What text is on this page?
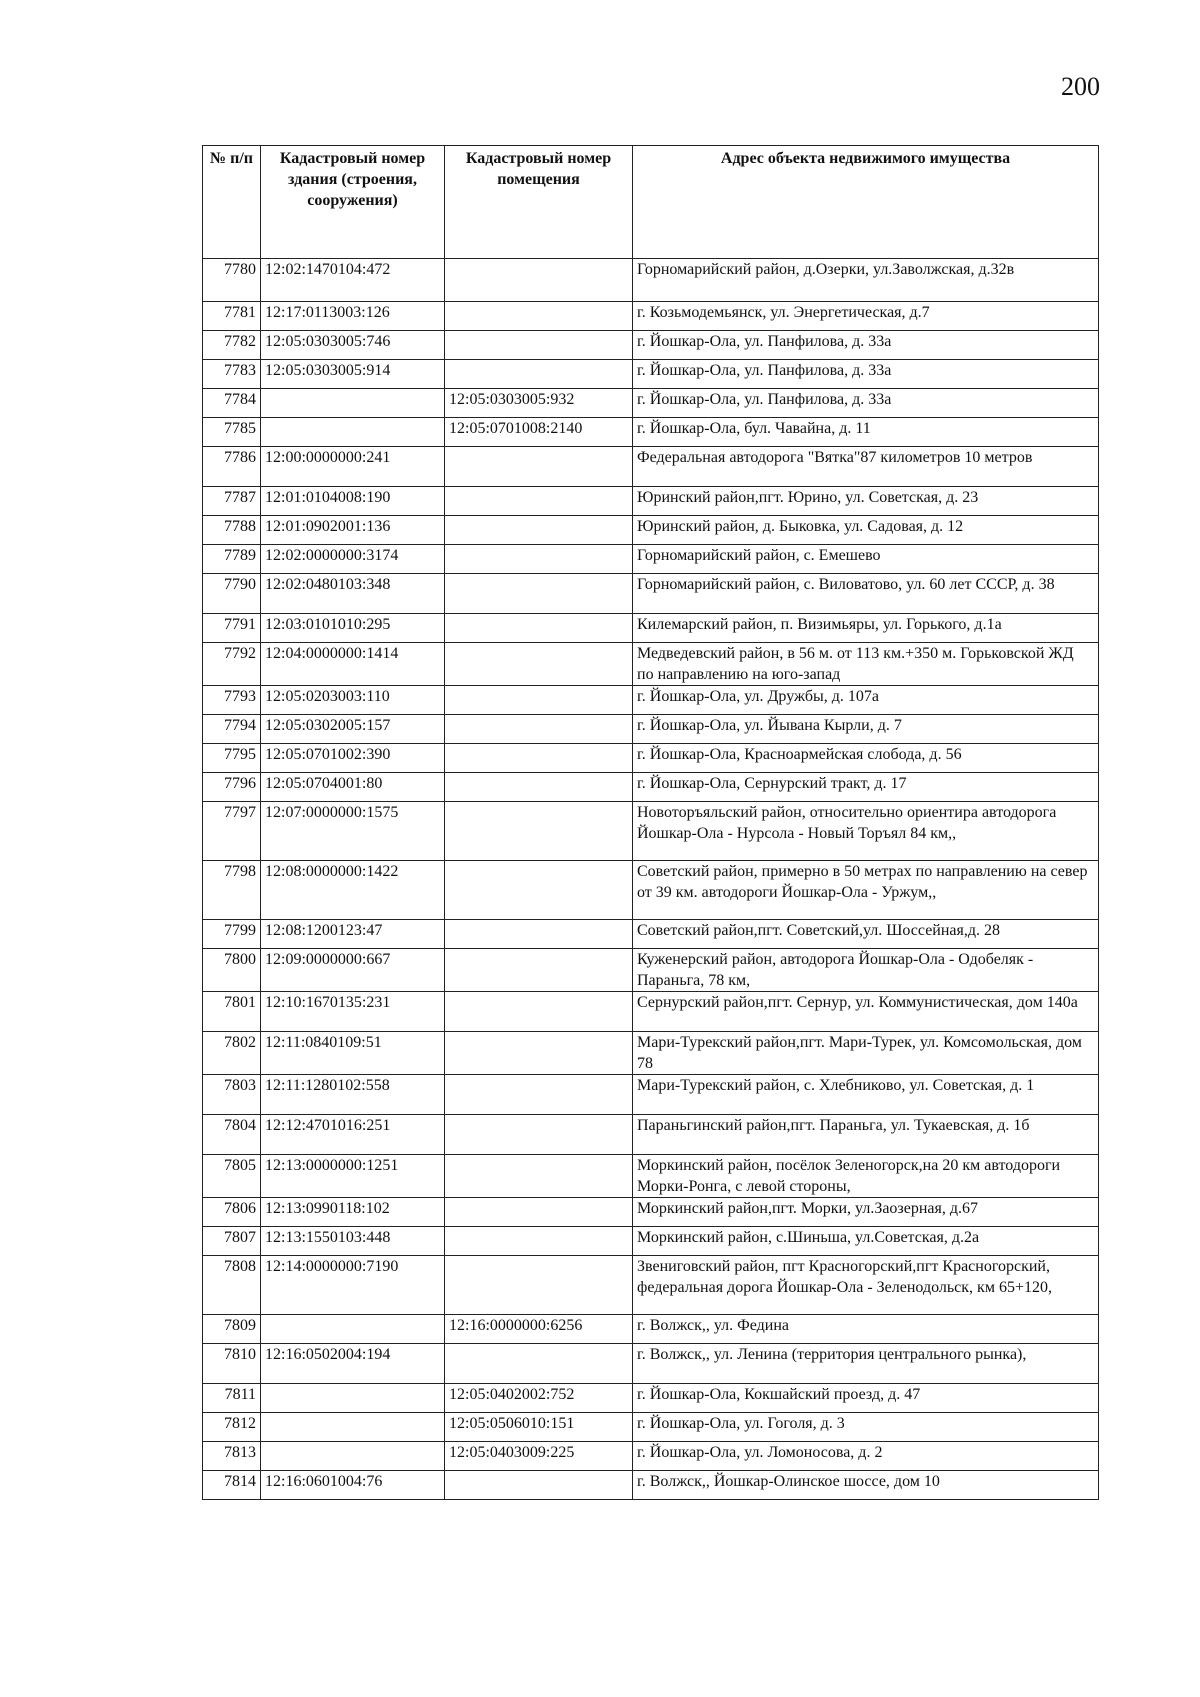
200
№ п/п	Кадастровый номер здания (строения, сооружения)	Кадастровый номер помещения	Адрес объекта недвижимого имущества
7780	12:02:1470104:472		Горномарийский район, д.Озерки, ул.Заволжская, д.32в
7781	12:17:0113003:126		г. Козьмодемьянск, ул. Энергетическая, д.7
7782	12:05:0303005:746		г. Йошкар-Ола, ул. Панфилова, д. 33а
7783	12:05:0303005:914		г. Йошкар-Ола, ул. Панфилова, д. 33а
7784		12:05:0303005:932	г. Йошкар-Ола, ул. Панфилова, д. 33а
7785		12:05:0701008:2140	г. Йошкар-Ола, бул. Чавайна, д. 11
7786	12:00:0000000:241		Федеральная автодорога "Вятка"87 километров 10 метров
7787	12:01:0104008:190		Юринский район,пгт. Юрино, ул. Советская, д. 23
7788	12:01:0902001:136		Юринский район, д. Быковка, ул. Садовая, д. 12
7789	12:02:0000000:3174		Горномарийский район, с. Емешево
7790	12:02:0480103:348		Горномарийский район, с. Виловатово, ул. 60 лет СССР, д. 38
7791	12:03:0101010:295		Килемарский район, п. Визимьяры, ул. Горького, д.1а
7792	12:04:0000000:1414		Медведевский район, в 56 м. от 113 км.+350 м. Горьковской ЖД по направлению на юго-запад
7793	12:05:0203003:110		г. Йошкар-Ола, ул. Дружбы, д. 107а
7794	12:05:0302005:157		г. Йошкар-Ола, ул. Йывана Кырли, д. 7
7795	12:05:0701002:390		г. Йошкар-Ола, Красноармейская слобода, д. 56
7796	12:05:0704001:80		г. Йошкар-Ола, Сернурский тракт, д. 17
7797	12:07:0000000:1575		Новоторъяльский район, относительно ориентира автодорога Йошкар-Ола - Нурсола - Новый Торъял 84 км,,
7798	12:08:0000000:1422		Советский район, примерно в 50 метрах по направлению на север от 39 км. автодороги Йошкар-Ола - Уржум,,
7799	12:08:1200123:47		Советский район,пгт. Советский,ул. Шоссейная,д. 28
7800	12:09:0000000:667		Куженерский район, автодорога Йошкар-Ола - Одобеляк - Параньга, 78 км,
7801	12:10:1670135:231		Сернурский район,пгт. Сернур, ул. Коммунистическая, дом 140а
7802	12:11:0840109:51		Мари-Турекский район,пгт. Мари-Турек, ул. Комсомольская, дом 78
7803	12:11:1280102:558		Мари-Турекский район, с. Хлебниково, ул. Советская, д. 1
7804	12:12:4701016:251		Параньгинский район,пгт. Параньга, ул. Тукаевская, д. 1б
7805	12:13:0000000:1251		Моркинский район, посёлок Зеленогорск,на 20 км автодороги Морки-Ронга, с левой стороны,
7806	12:13:0990118:102		Моркинский район,пгт. Морки, ул.Заозерная, д.67
7807	12:13:1550103:448		Моркинский район, с.Шиньша, ул.Советская, д.2а
7808	12:14:0000000:7190		Звениговский район, пгт Красногорский,пгт Красногорский, федеральная дорога Йошкар-Ола - Зеленодольск, км 65+120,
7809		12:16:0000000:6256	г. Волжск,, ул. Федина
7810	12:16:0502004:194		г. Волжск,, ул. Ленина (территория центрального рынка),
7811		12:05:0402002:752	г. Йошкар-Ола, Кокшайский проезд, д. 47
7812		12:05:0506010:151	г. Йошкар-Ола, ул. Гоголя, д. 3
7813		12:05:0403009:225	г. Йошкар-Ола, ул. Ломоносова, д. 2
7814	12:16:0601004:76		г. Волжск,, Йошкар-Олинское шоссе, дом 10
